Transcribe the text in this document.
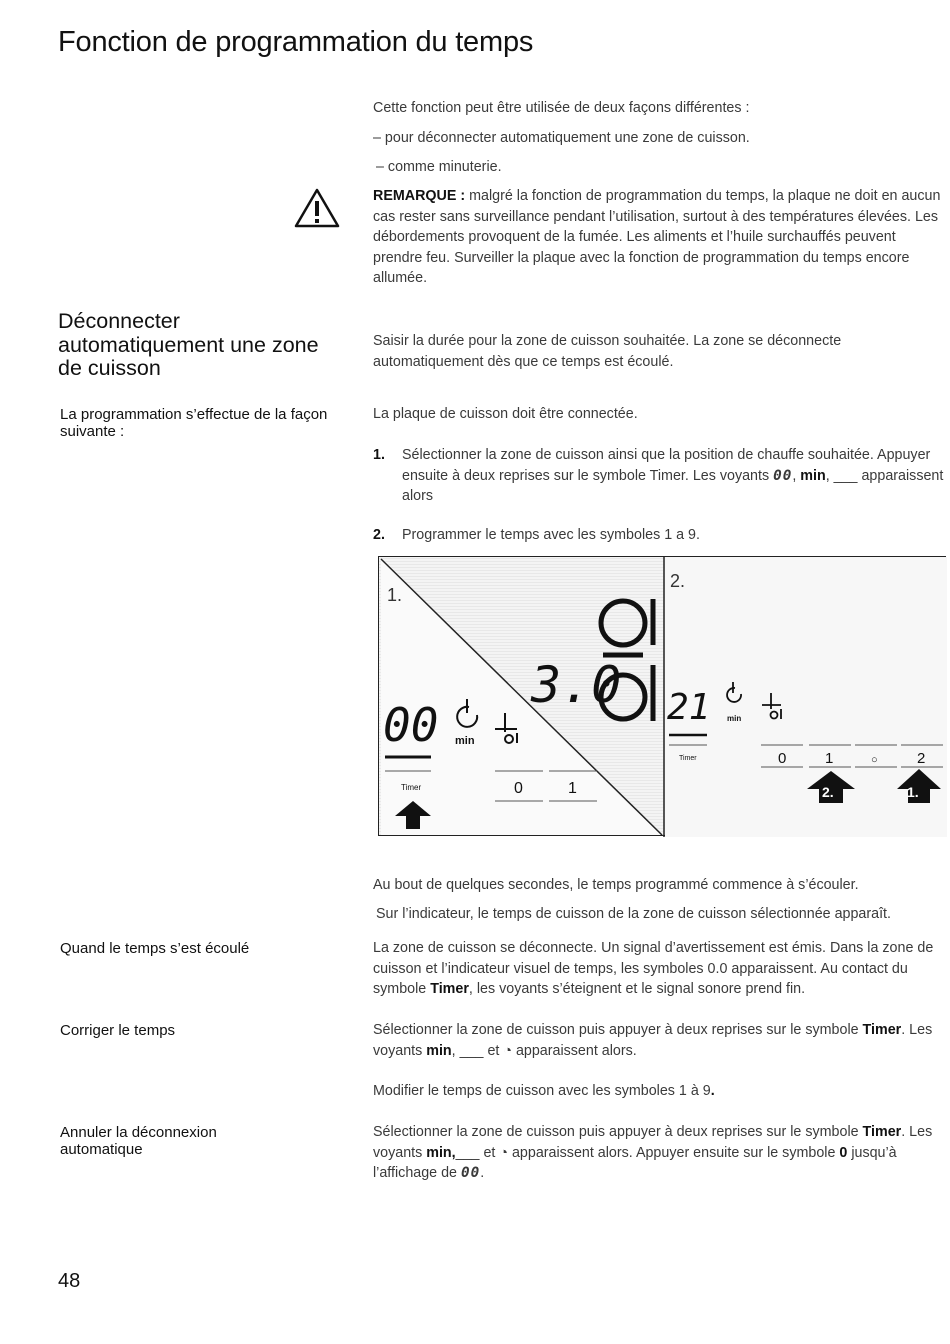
Fonction de programmation du temps
Cette fonction peut être utilisée de deux façons différentes :
– pour déconnecter automatiquement une zone de cuisson.
– comme minuterie.
REMARQUE : malgré la fonction de programmation du temps, la plaque ne doit en aucun cas rester sans surveillance pendant l’utilisation, surtout à des températures élevées. Les débordements provoquent de la fumée. Les aliments et l’huile surchauffés peuvent prendre feu. Surveiller la plaque avec la fonction de programmation du temps encore allumée.
Déconnecter automatiquement une zone de cuisson
Saisir la durée pour la zone de cuisson souhaitée. La zone se déconnecte automatiquement dès que ce temps est écoulé.
La programmation s’effectue de la façon suivante :
La plaque de cuisson doit être connectée.
1. Sélectionner la zone de cuisson ainsi que la position de chauffe souhaitée. Appuyer ensuite à deux reprises sur le symbole Timer. Les voyants 00, min, ___ apparaissent alors
2. Programmer le temps avec les symboles 1 a 9.
1.
2.
3.0
00 min
Timer	0	1
21 min
Timer	0	1	○	2
2.	1.
Au bout de quelques secondes, le temps programmé commence à s’écouler.
Sur l’indicateur, le temps de cuisson de la zone de cuisson sélectionnée apparaît.
Quand le temps s’est écoulé	La zone de cuisson se déconnecte. Un signal d’avertissement est émis. Dans la zone de cuisson et l’indicateur visuel de temps, les symboles 0.0 apparaissent. Au contact du symbole Timer, les voyants s’éteignent et le signal sonore prend fin.
Corriger le temps	Sélectionner la zone de cuisson puis appuyer à deux reprises sur le symbole Timer. Les voyants min, ___ et ◔ apparaissent alors.
Modifier le temps de cuisson avec les symboles 1 à 9.
Annuler la déconnexion automatique
Sélectionner la zone de cuisson puis appuyer à deux reprises sur le symbole Timer. Les voyants min,___ et ◔ apparaissent alors. Appuyer ensuite sur le symbole 0 jusqu’à l’affichage de 00.
48
